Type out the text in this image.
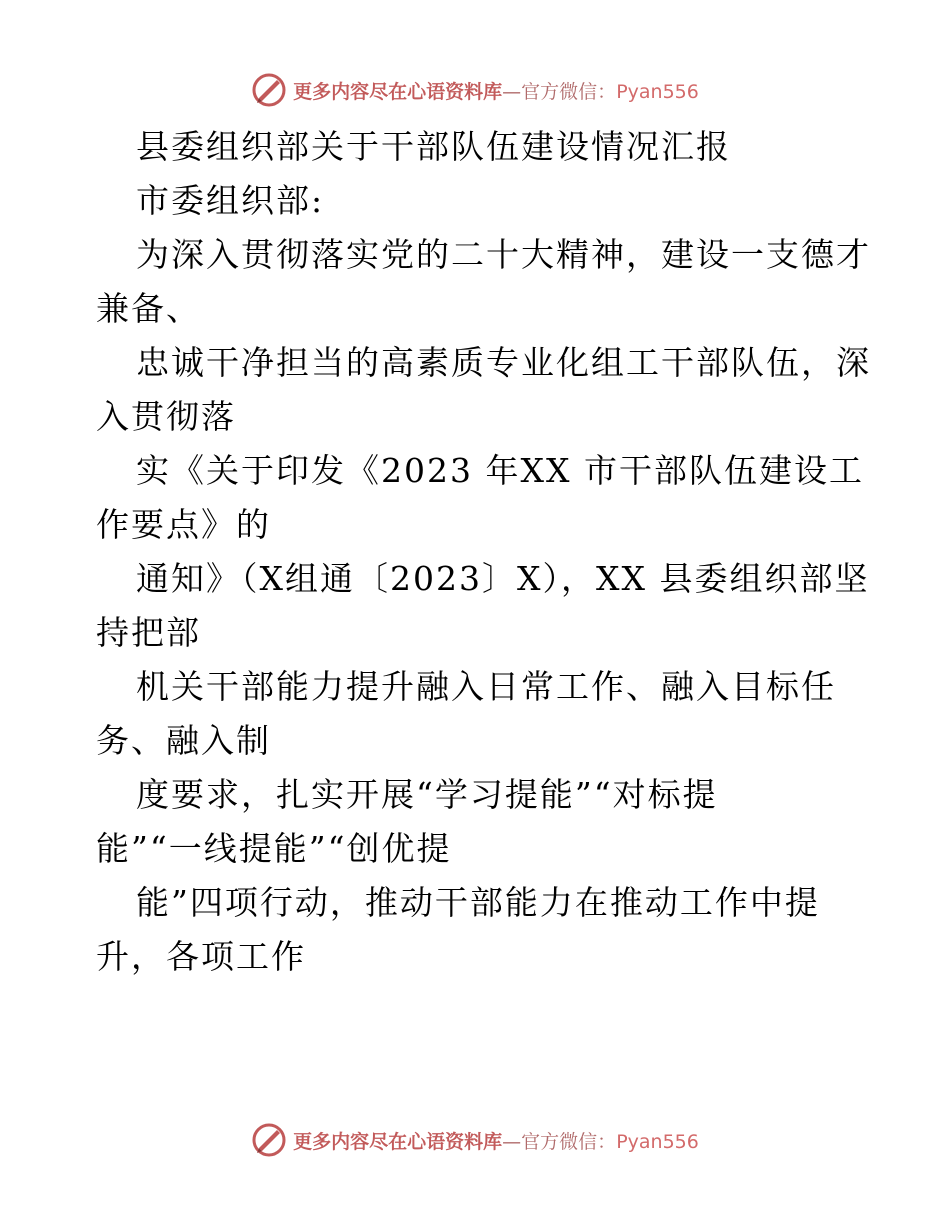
更多内容尽在心语资料库—官方微信：Pyan556
县委组织部关于干部队伍建设情况汇报
市委组织部:
为深入贯彻落实党的二十大精神，建设一支德才
兼备、
忠诚干净担当的高素质专业化组工干部队伍，深
入贯彻落
实《关于印发《2023 年XX 市干部队伍建设工
作要点》的
通知》（X组通〔2023〕X），XX 县委组织部坚
持把部
机关干部能力提升融入日常工作、融入目标任
务、融入制
度要求，扎实开展“学习提能”“对标提
能”“一线提能”“创优提
能”四项行动，推动干部能力在推动工作中提
升，各项工作
更多内容尽在心语资料库—官方微信：Pyan556
